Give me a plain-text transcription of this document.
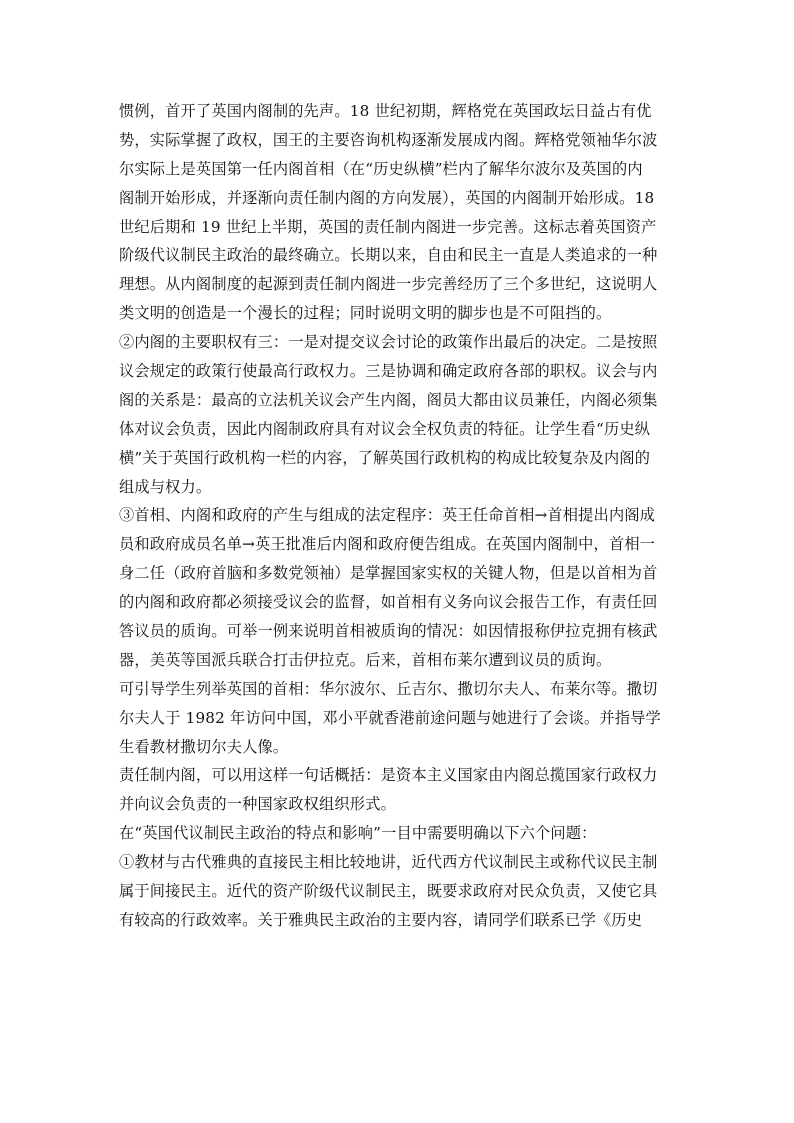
惯例，首开了英国内阁制的先声。18 世纪初期，辉格党在英国政坛日益占有优
势，实际掌握了政权，国王的主要咨询机构逐渐发展成内阁。辉格党领袖华尔波
尔实际上是英国第一任内阁首相（在“历史纵横”栏内了解华尔波尔及英国的内
阁制开始形成，并逐渐向责任制内阁的方向发展），英国的内阁制开始形成。18
世纪后期和 19 世纪上半期，英国的责任制内阁进一步完善。这标志着英国资产
阶级代议制民主政治的最终确立。长期以来，自由和民主一直是人类追求的一种
理想。从内阁制度的起源到责任制内阁进一步完善经历了三个多世纪，这说明人
类文明的创造是一个漫长的过程；同时说明文明的脚步也是不可阻挡的。
②内阁的主要职权有三：一是对提交议会讨论的政策作出最后的决定。二是按照
议会规定的政策行使最高行政权力。三是协调和确定政府各部的职权。议会与内
阁的关系是：最高的立法机关议会产生内阁，阁员大都由议员兼任，内阁必须集
体对议会负责，因此内阁制政府具有对议会全权负责的特征。让学生看“历史纵
横”关于英国行政机构一栏的内容，了解英国行政机构的构成比较复杂及内阁的
组成与权力。
③首相、内阁和政府的产生与组成的法定程序：英王任命首相→首相提出内阁成
员和政府成员名单→英王批准后内阁和政府便告组成。在英国内阁制中，首相一
身二任（政府首脑和多数党领袖）是掌握国家实权的关键人物，但是以首相为首
的内阁和政府都必须接受议会的监督，如首相有义务向议会报告工作，有责任回
答议员的质询。可举一例来说明首相被质询的情况：如因情报称伊拉克拥有核武
器，美英等国派兵联合打击伊拉克。后来，首相布莱尔遭到议员的质询。
可引导学生列举英国的首相：华尔波尔、丘吉尔、撒切尔夫人、布莱尔等。撒切
尔夫人于 1982 年访问中国，邓小平就香港前途问题与她进行了会谈。并指导学
生看教材撒切尔夫人像。
责任制内阁，可以用这样一句话概括：是资本主义国家由内阁总揽国家行政权力
并向议会负责的一种国家政权组织形式。
在“英国代议制民主政治的特点和影响”一目中需要明确以下六个问题：
①教材与古代雅典的直接民主相比较地讲，近代西方代议制民主或称代议民主制
属于间接民主。近代的资产阶级代议制民主，既要求政府对民众负责，又使它具
有较高的行政效率。关于雅典民主政治的主要内容，请同学们联系已学《历史
